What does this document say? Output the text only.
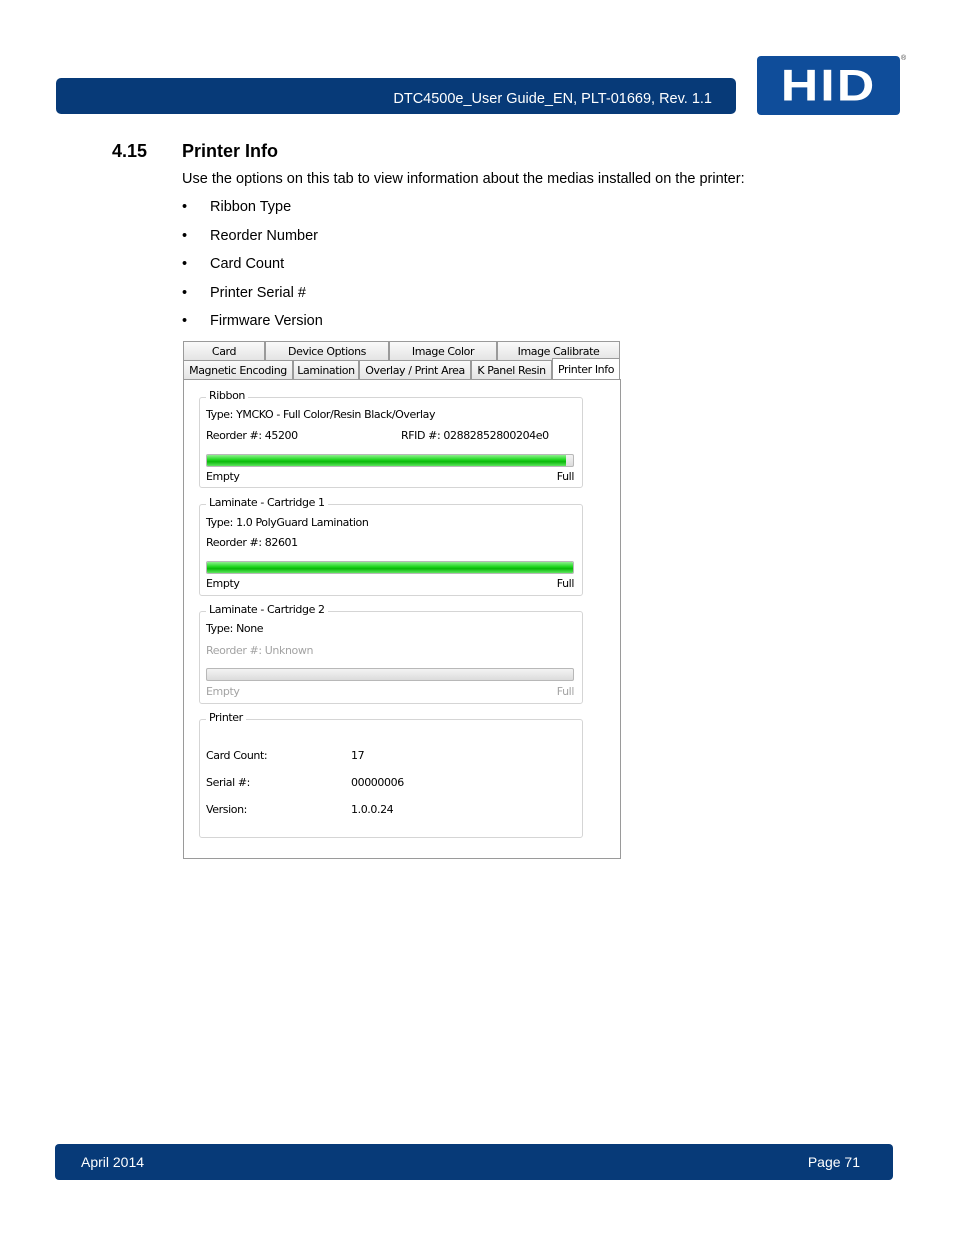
DTC4500e_User Guide_EN, PLT-01669, Rev. 1.1 HID
®
4.15 Printer Info
Use the options on this tab to view information about the medias installed on the printer:
• Ribbon Type
• Reorder Number
• Card Count
• Printer Serial #
• Firmware Version
Card	Device Options	Image Color	Image Calibrate
Magnetic Encoding Lamination Overlay / Print Area	K Panel Resin	Printer Info
Ribbon
Type: YMCKO - Full Color/Resin Black/Overlay
Reorder #: 45200	RFID #: 02882852800204e0
Empty	Full
Laminate - Cartridge 1
Type: 1.0 PolyGuard Lamination
Reorder #: 82601
Empty	Full
Laminate - Cartridge 2
Type: None
Reorder #: Unknown
Empty	Full
Printer
Card Count:	17
Serial #:	00000006
Version:	1.0.0.24
April 2014	Page 71
